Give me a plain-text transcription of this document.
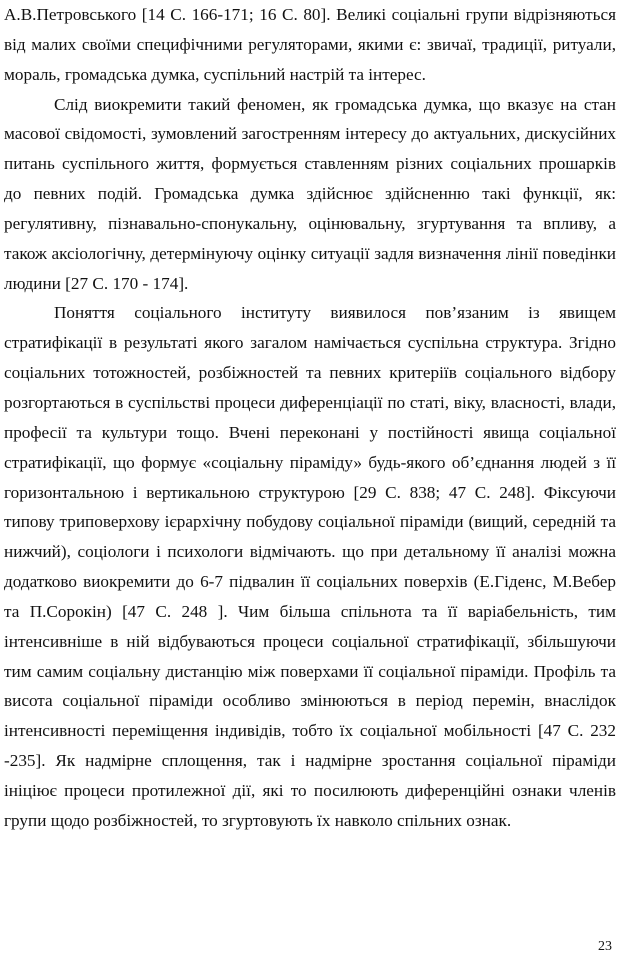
А.В.Петровського [14 С. 166-171; 16 С. 80]. Великі соціальні групи відрізняються від малих своїми специфічними регуляторами, якими є: звичаї, традиції, ритуали, мораль, громадська думка, суспільний настрій та інтерес.

Слід виокремити такий феномен, як громадська думка, що вказує на стан масової свідомості, зумовлений загостренням інтересу до актуальних, дискусійних питань суспільного життя, формується ставленням різних соціальних прошарків до певних подій. Громадська думка здійснює здійсненню такі функції, як: регулятивну, пізнавально-спонукальну, оцінювальну, згуртування та впливу, а також аксіологічну, детермінуючу оцінку ситуації задля визначення лінії поведінки людини [27 С. 170 - 174].

Поняття соціального інституту виявилося пов’язаним із явищем стратифікації в результаті якого загалом намічається суспільна структура. Згідно соціальних тотожностей, розбіжностей та певних критеріїв соціального відбору розгортаються в суспільстві процеси диференціації по статі, віку, власності, влади, професії та культури тощо. Вчені переконані у постійності явища соціальної стратифікації, що формує «соціальну піраміду» будь-якого об’єднання людей з її горизонтальною і вертикальною структурою [29 С. 838; 47 С. 248]. Фіксуючи типову триповерхову ієрархічну побудову соціальної піраміди (вищий, середній та нижчий), соціологи і психологи відмічають. що при детальному її аналізі можна додатково виокремити до 6-7 підвалин її соціальних поверхів (Е.Гіденс, М.Вебер та П.Сорокін) [47 С. 248 ]. Чим більша спільнота та її варіабельність, тим інтенсивніше в ній відбуваються процеси соціальної стратифікації, збільшуючи тим самим соціальну дистанцію між поверхами її соціальної піраміди. Профіль та висота соціальної піраміди особливо змінюються в період перемін, внаслідок інтенсивності переміщення індивідів, тобто їх соціальної мобільності [47 С. 232 -235]. Як надмірне сплощення, так і надмірне зростання соціальної піраміди ініціює процеси протилежної дії, які то посилюють диференційні ознаки членів групи щодо розбіжностей, то згуртовують їх навколо спільних ознак.

23
